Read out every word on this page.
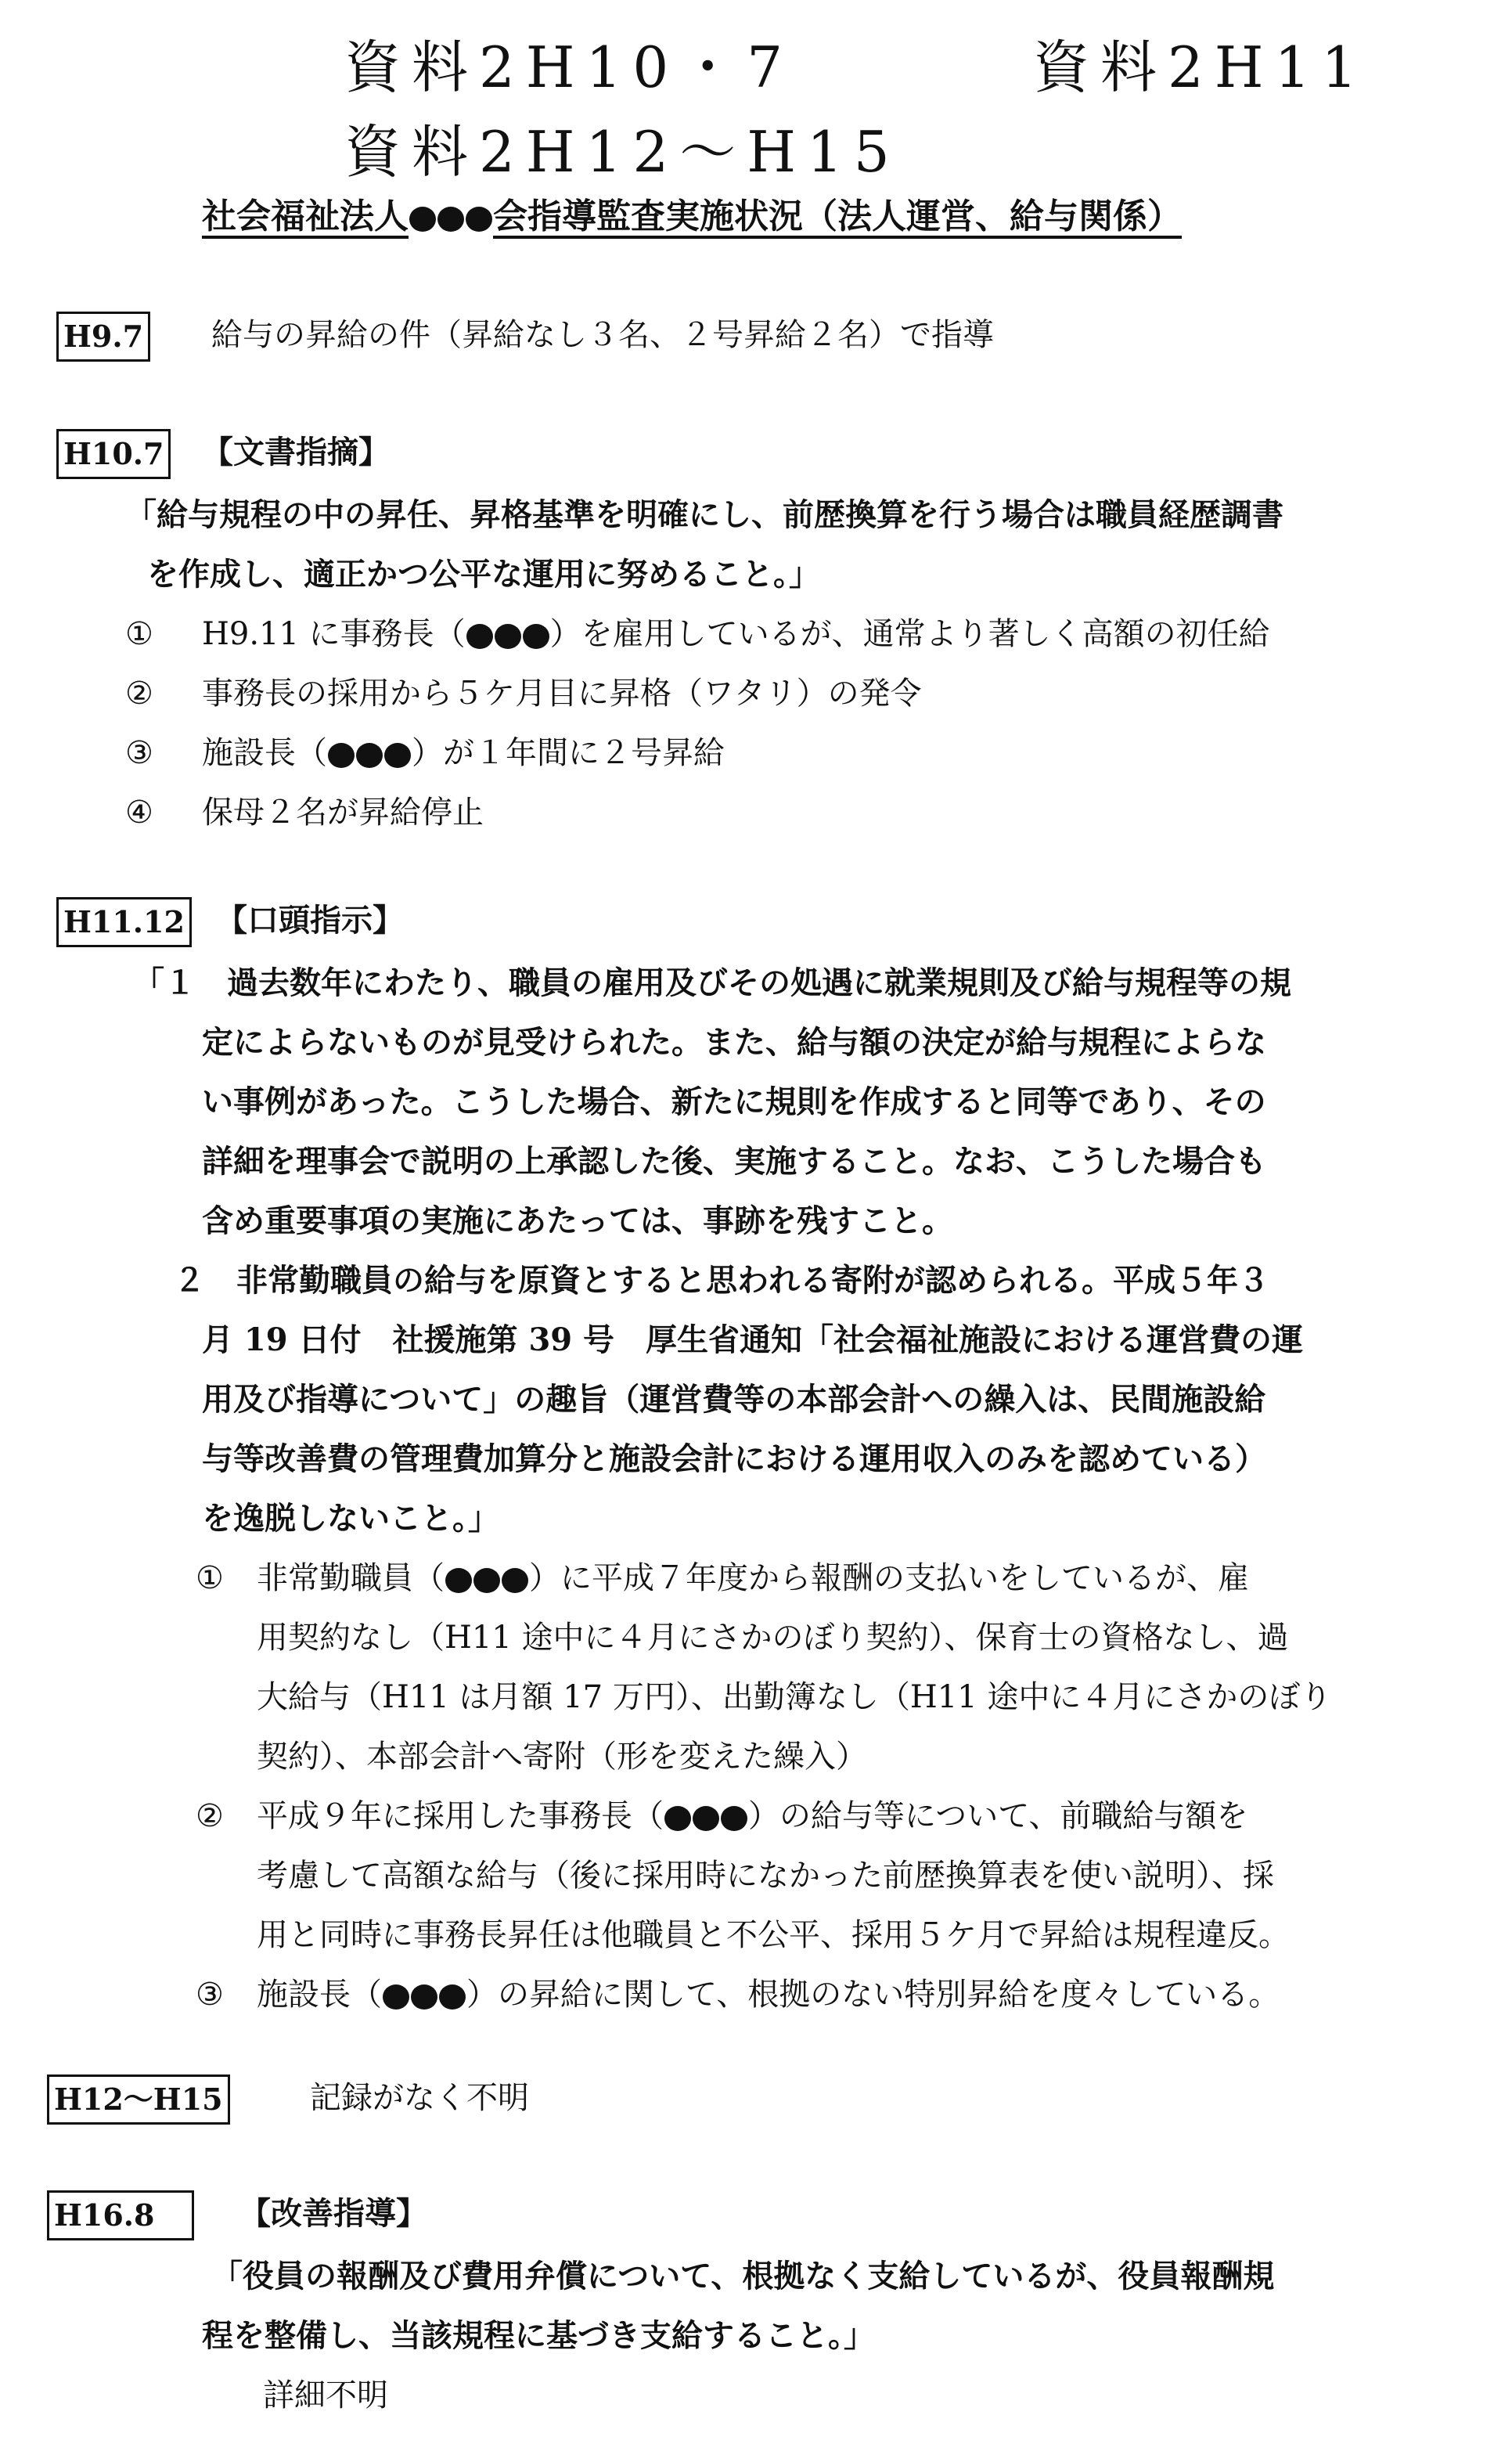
資料2H10・7	資料2H11
資料2H12～H15
社会福祉法人 会指導監査実施状況（法人運営、給与関係）
H9.7 給与の昇給の件（昇給なし３名、２号昇給２名）で指導
H10.7 【文書指摘】
「給与規程の中の昇任、昇格基準を明確にし、前歴換算を行う場合は職員経歴調書
を作成し、適正かつ公平な運用に努めること。」
① H9.11 に事務長（	）を雇用しているが、通常より著しく高額の初任給
② 事務長の採用から５ケ月目に昇格（ワタリ）の発令
③ 施設長（	）が１年間に２号昇給
④ 保母２名が昇給停止
H11.12 【口頭指示】
「１　過去数年にわたり、職員の雇用及びその処遇に就業規則及び給与規程等の規
定によらないものが見受けられた。また、給与額の決定が給与規程によらな
い事例があった。こうした場合、新たに規則を作成すると同等であり、その
詳細を理事会で説明の上承認した後、実施すること。なお、こうした場合も
含め重要事項の実施にあたっては、事跡を残すこと。
２　非常勤職員の給与を原資とすると思われる寄附が認められる。平成５年３
月 19 日付　社援施第 39 号　厚生省通知「社会福祉施設における運営費の運
用及び指導について」の趣旨（運営費等の本部会計への繰入は、民間施設給
与等改善費の管理費加算分と施設会計における運用収入のみを認めている）
を逸脱しないこと。」
① 非常勤職員（	）に平成７年度から報酬の支払いをしているが、雇
用契約なし（H11 途中に４月にさかのぼり契約）、保育士の資格なし、過
大給与（H11 は月額 17 万円）、出勤簿なし（H11 途中に４月にさかのぼり
契約）、本部会計へ寄附（形を変えた繰入）
② 平成９年に採用した事務長（	）の給与等について、前職給与額を
考慮して高額な給与（後に採用時になかった前歴換算表を使い説明）、採
用と同時に事務長昇任は他職員と不公平、採用５ケ月で昇給は規程違反。
③ 施設長（	）の昇給に関して、根拠のない特別昇給を度々している。
H12～H15	記録がなく不明
H16.8	【改善指導】
「役員の報酬及び費用弁償について、根拠なく支給しているが、役員報酬規
程を整備し、当該規程に基づき支給すること。」
詳細不明
